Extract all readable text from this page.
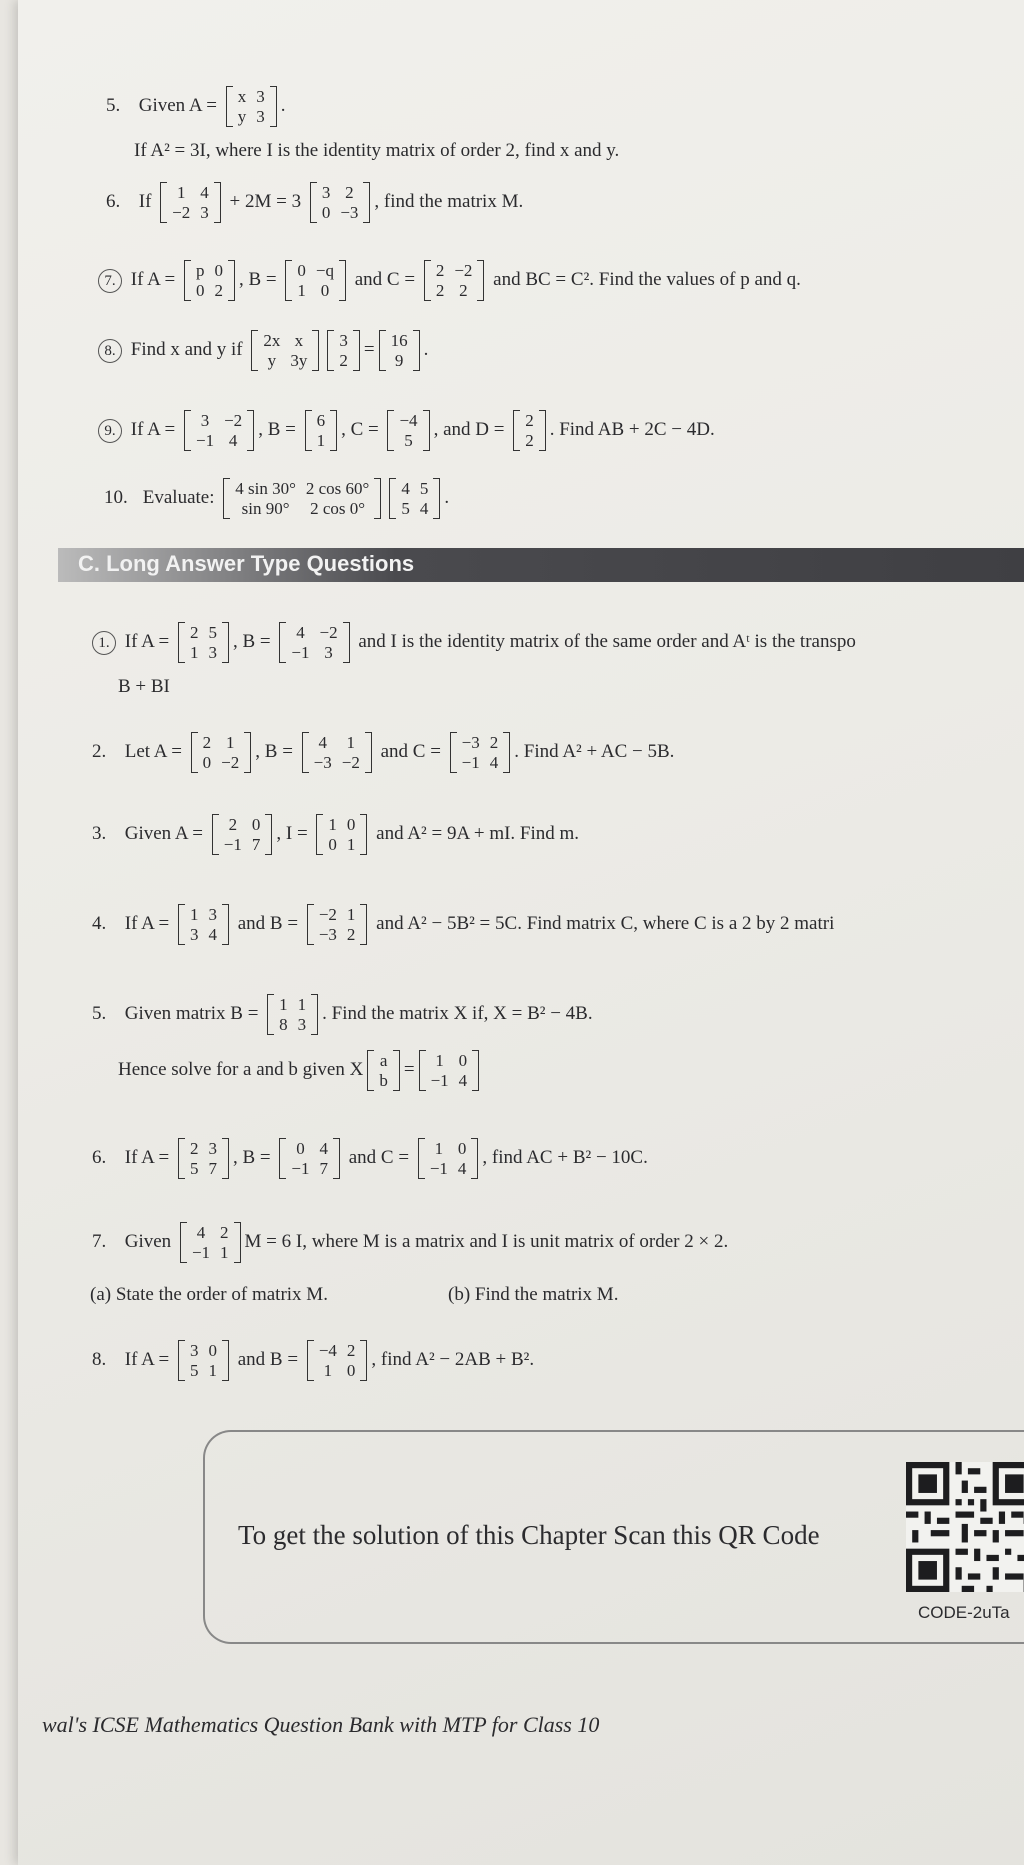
5. Given A = x	3
y	3
.
If A² = 3I, where I is the identity matrix of order 2, find x and y.
6. If 1	4
−2	3
+ 2M = 3 3	2
0	−3
, find the matrix M.
7. If A = p	0
0	2
, B = 0	−q
1	0
and C = 2	−2
2	2
and BC = C². Find the values of p and q.
8. Find x and y if 2x	x
y	3y
3
2
= 16
9
.
9. If A = 3	−2
−1	4
, B = 6
1
, C = −4
5
, and D = 2
2
. Find AB + 2C − 4D.
10. Evaluate: 4 sin 30°	2 cos 60°
sin 90°	2 cos 0°
4	5
5	4
.
C. Long Answer Type Questions
1. If A = 2	5
1	3
, B = 4	−2
−1	3
and I is the identity matrix of the same order and Aᵗ is the transpo
B + BI
2. Let A = 2	1
0	−2
, B = 4	1
−3	−2
and C = −3	2
−1	4
. Find A² + AC − 5B.
3. Given A = 2	0
−1	7
, I = 1	0
0	1
and A² = 9A + mI. Find m.
4. If A = 1	3
3	4
and B = −2	1
−3	2
and A² − 5B² = 5C. Find matrix C, where C is a 2 by 2 matri
5. Given matrix B = 1	1
8	3
. Find the matrix X if, X = B² − 4B.
Hence solve for a and b given X a
b
= 1	0
−1	4
6. If A = 2	3
5	7
, B = 0	4
−1	7
and C = 1	0
−1	4
, find AC + B² − 10C.
7. Given 4	2
−1	1
M = 6 I, where M is a matrix and I is unit matrix of order 2 × 2.
(a) State the order of matrix M.	(b) Find the matrix M.
8. If A = 3	0
5	1
and B = −4	2
1	0
, find A² − 2AB + B².
To get the solution of this Chapter Scan this QR Code
CODE-2uTa
wal's ICSE Mathematics Question Bank with MTP for Class 10
